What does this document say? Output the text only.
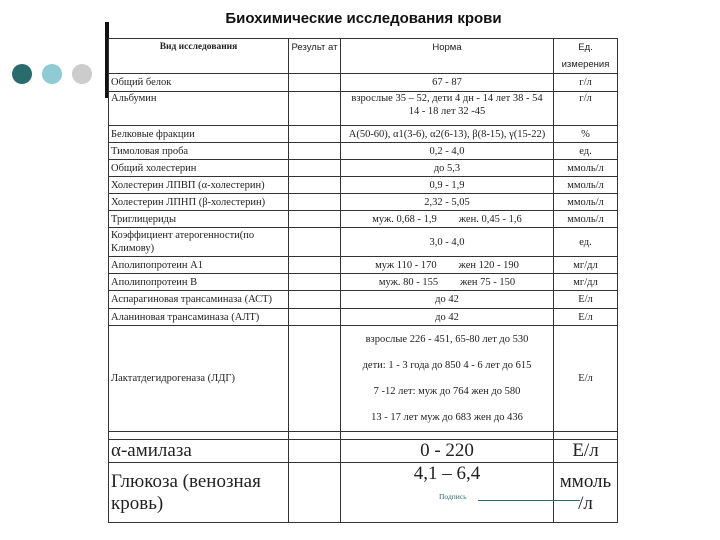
Биохимические исследования крови
Вид исследования	Результ ат	Норма	Ед. измерения
Общий белок		67 - 87	г/л
Альбумин		взрослые 35 – 52, дети 4 дн - 14 лет 38 - 54
14 - 18 лет 32 -45	г/л
Белковые фракции		A(50-60), α1(3-6), α2(6-13), β(8-15), γ(15-22)	%
Тимоловая проба		0,2 - 4,0	ед.
Общий холестерин		до 5,3	ммоль/л
Холестерин ЛПВП (α-холестерин)		0,9 - 1,9	ммоль/л
Холестерин ЛПНП (β-холестерин)		2,32 - 5,05	ммоль/л
Триглицериды		муж. 0,68 - 1,9 жен. 0,45 - 1,6	ммоль/л
Коэффициент атерогенности(по Климову)		3,0 - 4,0	ед.
Аполипопротеин A1		муж 110 - 170 жен 120 - 190	мг/дл
Аполипопротеин B		муж. 80 - 155 жен 75 - 150	мг/дл
Аспарагиновая трансаминаза (АСТ)		до 42	Е/л
Аланиновая трансаминаза (АЛТ)		до 42	Е/л
Лактатдегидрогеназа (ЛДГ)		взрослые 226 - 451, 65-80 лет до 530
дети: 1 - 3 года до 850 4 - 6 лет до 615
7 -12 лет: муж до 764 жен до 580
13 - 17 лет муж до 683 жен до 436	Е/л

α-амилаза		0 - 220	Е/л
Глюкоза (венозная кровь)		4,1 – 6,4	ммоль /л
Подпись
